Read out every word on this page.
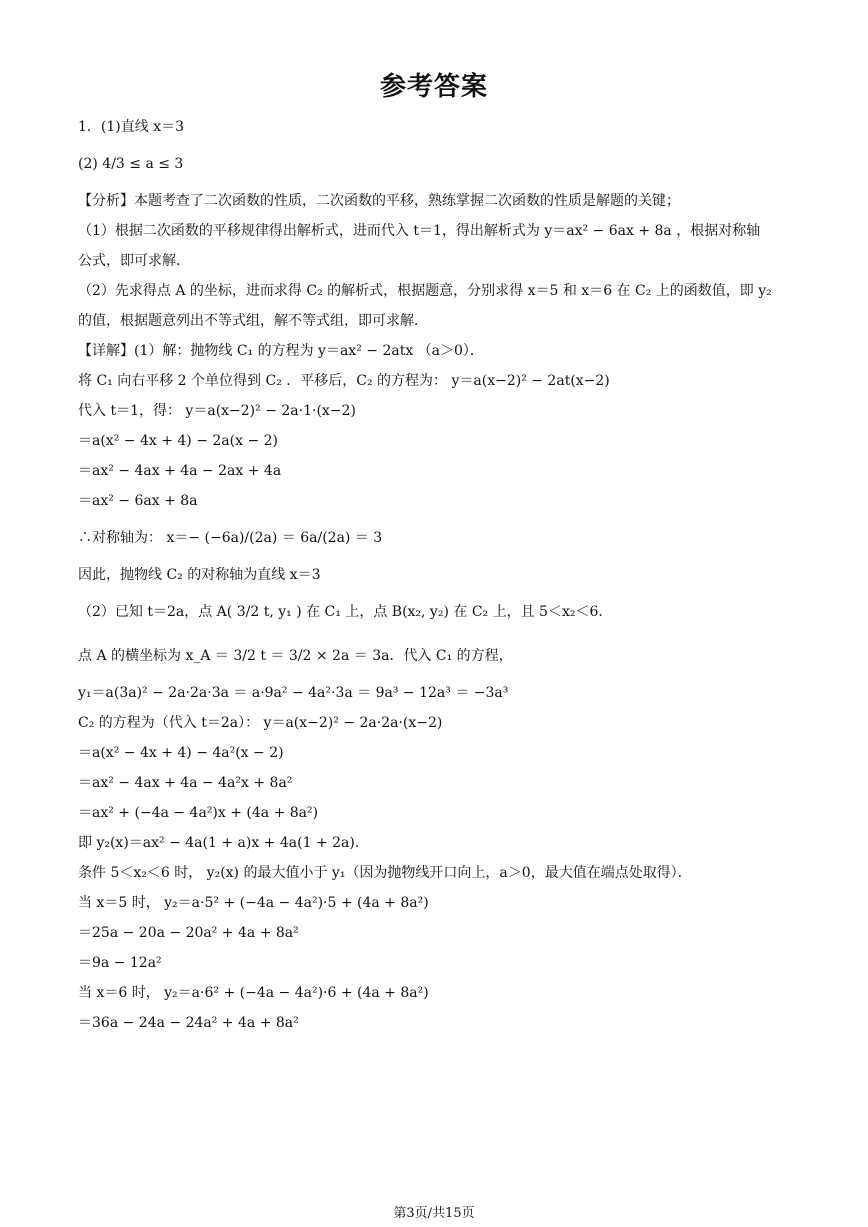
参考答案
1．(1)直线 x＝3
(2) 4/3 ≤ a ≤ 3
【分析】本题考查了二次函数的性质，二次函数的平移，熟练掌握二次函数的性质是解题的关键；
（1）根据二次函数的平移规律得出解析式，进而代入 t＝1，得出解析式为 y＝ax² − 6ax + 8a ，根据对称轴
公式，即可求解．
（2）先求得点 A 的坐标，进而求得 C₂ 的解析式，根据题意，分别求得 x＝5 和 x＝6 在 C₂ 上的函数值，即 y₂
的值，根据题意列出不等式组，解不等式组，即可求解．
【详解】(1）解：抛物线 C₁ 的方程为 y＝ax² − 2atx （a＞0）．
将 C₁ 向右平移 2 个单位得到 C₂ ．平移后，C₂ 的方程为： y＝a(x−2)² − 2at(x−2)
代入 t＝1，得： y＝a(x−2)² − 2a·1·(x−2)
＝a(x² − 4x + 4) − 2a(x − 2)
＝ax² − 4ax + 4a − 2ax + 4a
＝ax² − 6ax + 8a
∴对称轴为： x＝− (−6a)/(2a) ＝ 6a/(2a) ＝ 3
因此，抛物线 C₂ 的对称轴为直线 x＝3
（2）已知 t＝2a，点 A( 3/2 t, y₁ ) 在 C₁ 上，点 B(x₂, y₂) 在 C₂ 上，且 5＜x₂＜6．
点 A 的横坐标为 x_A ＝ 3/2 t ＝ 3/2 × 2a ＝ 3a．代入 C₁ 的方程，
y₁＝a(3a)² − 2a·2a·3a ＝ a·9a² − 4a²·3a ＝ 9a³ − 12a³ ＝ −3a³
C₂ 的方程为（代入 t＝2a）： y＝a(x−2)² − 2a·2a·(x−2)
＝a(x² − 4x + 4) − 4a²(x − 2)
＝ax² − 4ax + 4a − 4a²x + 8a²
＝ax² + (−4a − 4a²)x + (4a + 8a²)
即 y₂(x)＝ax² − 4a(1 + a)x + 4a(1 + 2a)．
条件 5＜x₂＜6 时， y₂(x) 的最大值小于 y₁（因为抛物线开口向上，a＞0，最大值在端点处取得）．
当 x＝5 时， y₂＝a·5² + (−4a − 4a²)·5 + (4a + 8a²)
＝25a − 20a − 20a² + 4a + 8a²
＝9a − 12a²
当 x＝6 时， y₂＝a·6² + (−4a − 4a²)·6 + (4a + 8a²)
＝36a − 24a − 24a² + 4a + 8a²
第3页/共15页
